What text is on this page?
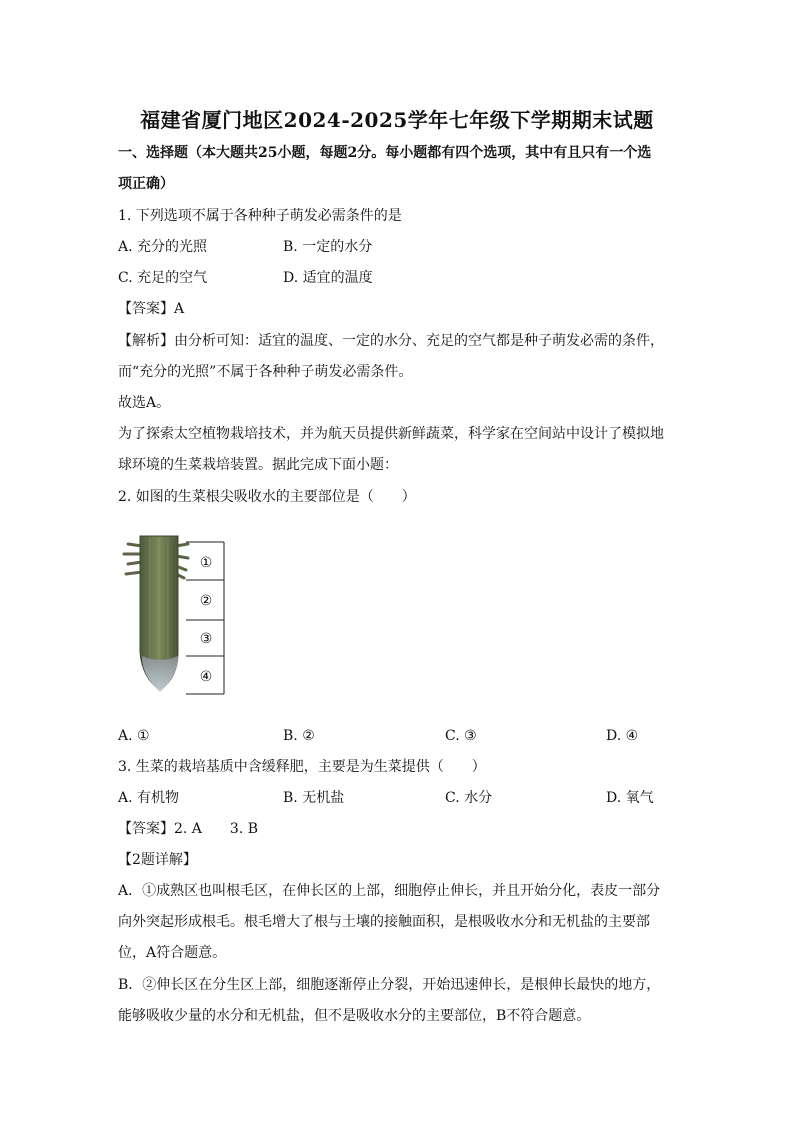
福建省厦门地区2024-2025学年七年级下学期期末试题
一、选择题（本大题共25小题，每题2分。每小题都有四个选项，其中有且只有一个选
项正确）
1. 下列选项不属于各种种子萌发必需条件的是
A. 充分的光照	B. 一定的水分
C. 充足的空气	D. 适宜的温度
【答案】A
【解析】由分析可知：适宜的温度、一定的水分、充足的空气都是种子萌发必需的条件，
而“充分的光照”不属于各种种子萌发必需条件。
故选A。
为了探索太空植物栽培技术，并为航天员提供新鲜蔬菜，科学家在空间站中设计了模拟地
球环境的生菜栽培装置。据此完成下面小题：
2. 如图的生菜根尖吸收水的主要部位是（　　）
①
②
③
④
A. ①	B. ②	C. ③	D. ④
3. 生菜的栽培基质中含缓释肥，主要是为生菜提供（　　）
A. 有机物	B. 无机盐	C. 水分	D. 氧气
【答案】2. A　　3. B
【2题详解】
A．①成熟区也叫根毛区，在伸长区的上部，细胞停止伸长，并且开始分化，表皮一部分
向外突起形成根毛。根毛增大了根与土壤的接触面积，是根吸收水分和无机盐的主要部
位，A符合题意。
B．②伸长区在分生区上部，细胞逐渐停止分裂，开始迅速伸长，是根伸长最快的地方，
能够吸收少量的水分和无机盐，但不是吸收水分的主要部位，B不符合题意。
